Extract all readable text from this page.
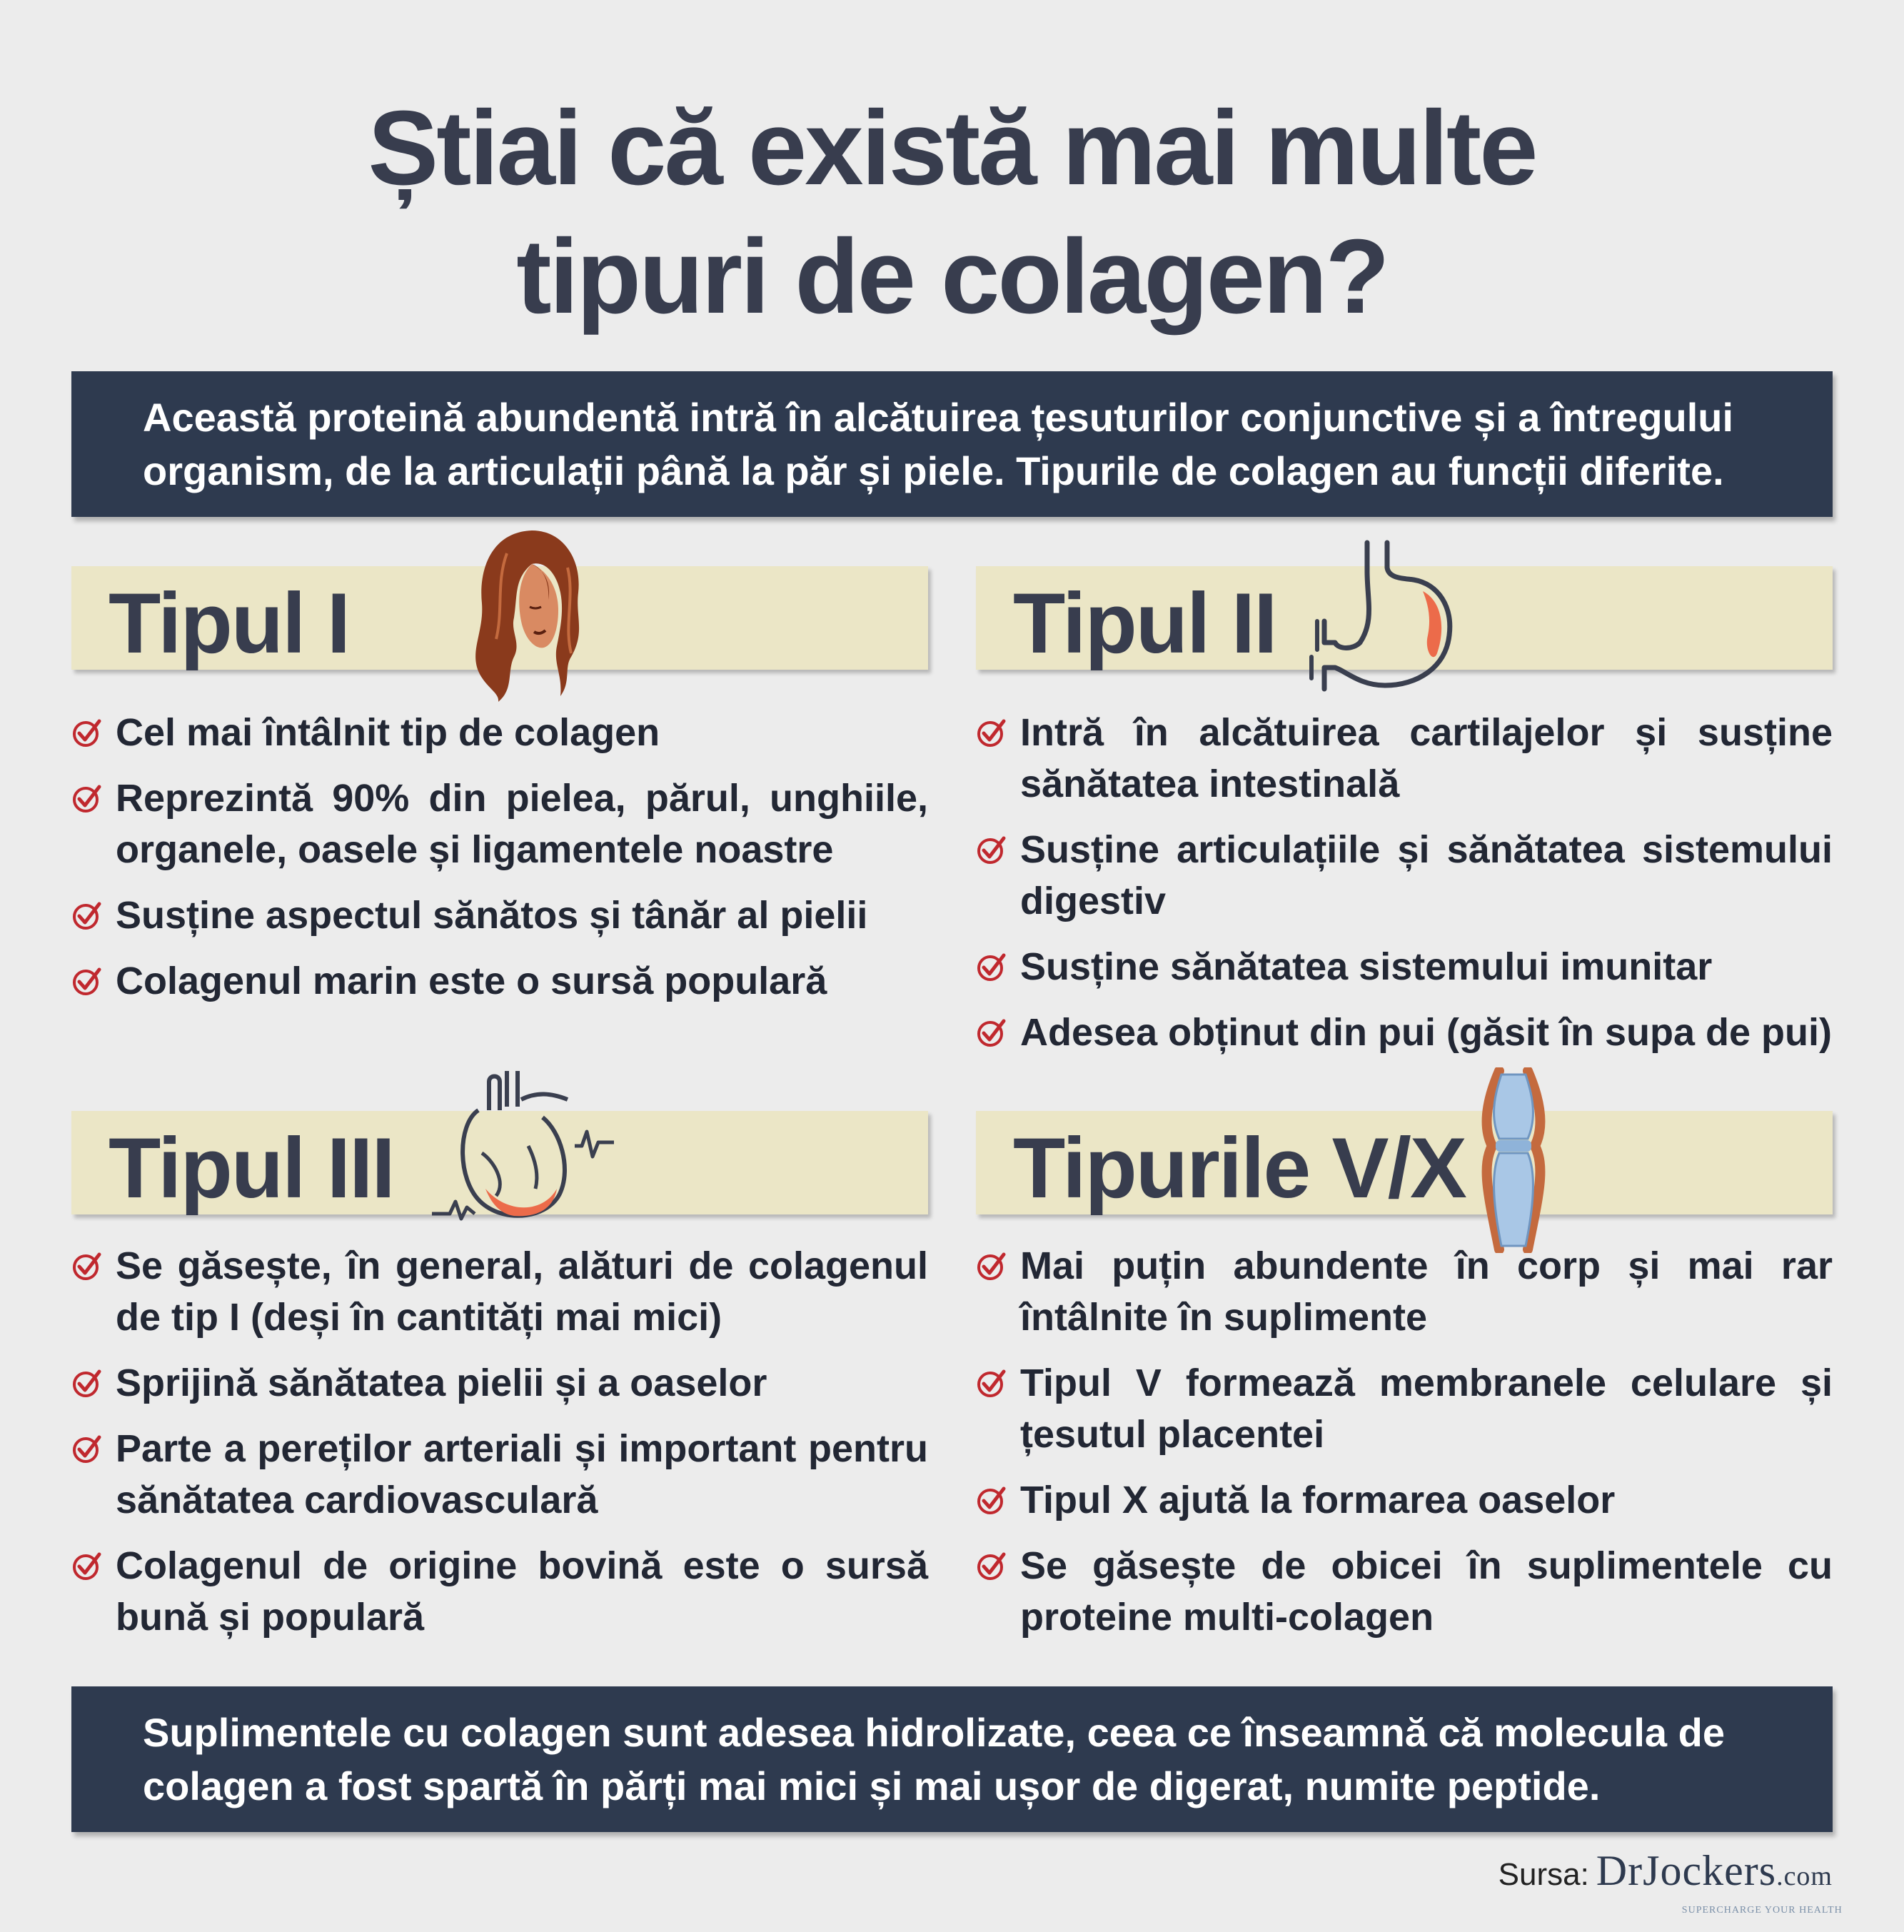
Știai că există mai multe
tipuri de colagen?

Această proteină abundentă intră în alcătuirea țesuturilor conjunctive și a întregului organism, de la articulații până la păr și piele. Tipurile de colagen au funcții diferite.

Tipul I
Cel mai întâlnit tip de colagen
Reprezintă 90% din pielea, părul, unghiile, organele, oasele și ligamentele noastre
Susține aspectul sănătos și tânăr al pielii
Colagenul marin este o sursă populară
Tipul II
Intră în alcătuirea cartilajelor și susține sănătatea intestinală
Susține articulațiile și sănătatea sistemului digestiv
Susține sănătatea sistemului imunitar
Adesea obținut din pui (găsit în supa de pui)
Tipul III
Se găsește, în general, alături de colagenul de tip I (deși în cantități mai mici)
Sprijină sănătatea pielii și a oaselor
Parte a pereților arteriali și important pentru sănătatea cardiovasculară
Colagenul de origine bovină este o sursă bună și populară
Tipurile V/X
Mai puțin abundente în corp și mai rar întâlnite în suplimente
Tipul V formează membranele celulare și țesutul placentei
Tipul X ajută la formarea oaselor
Se găsește de obicei în suplimentele cu proteine multi-colagen

Suplimentele cu colagen sunt adesea hidrolizate, ceea ce înseamnă că molecula de colagen a fost spartă în părți mai mici și mai ușor de digerat, numite peptide.

Sursa: DrJockers.com
SUPERCHARGE YOUR HEALTH
